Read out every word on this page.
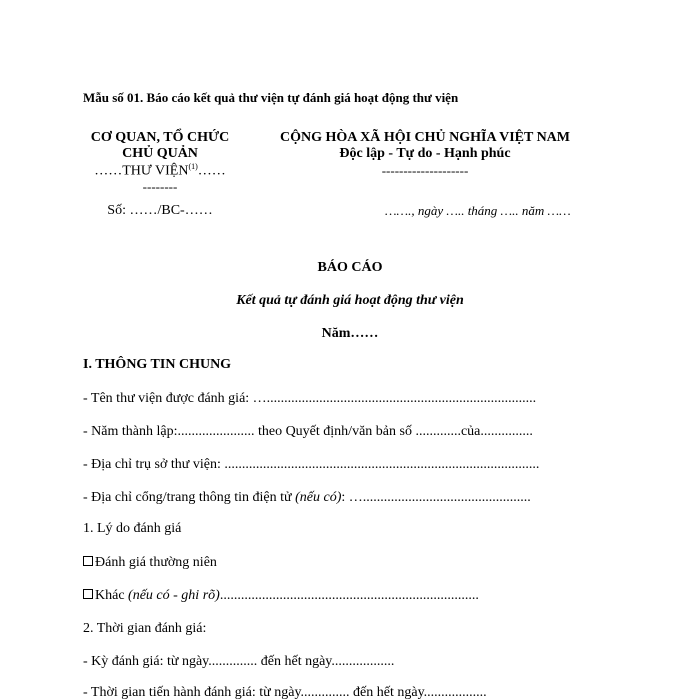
Mẫu số 01. Báo cáo kết quả thư viện tự đánh giá hoạt động thư viện
CƠ QUAN, TỔ CHỨC
CHỦ QUẢN
……THƯ VIỆN$^{(1)}$……
--------
Số: ……/BC-……
CỘNG HÒA XÃ HỘI CHỦ NGHĨA VIỆT NAM
Độc lập - Tự do - Hạnh phúc
--------------------
……., ngày ….. tháng ….. năm ……
BÁO CÁO
Kết quả tự đánh giá hoạt động thư viện
Năm……
I. THÔNG TIN CHUNG
- Tên thư viện được đánh giá: ….............................................................................
- Năm thành lập:...................... theo Quyết định/văn bản số .............của...............
- Địa chỉ trụ sở thư viện: ..........................................................................................
- Địa chỉ cổng/trang thông tin điện tử (nếu có): …................................................
1. Lý do đánh giá
Đánh giá thường niên
Khác (nếu có - ghi rõ)..........................................................................
2. Thời gian đánh giá:
- Kỳ đánh giá: từ ngày.............. đến hết ngày..................
- Thời gian tiến hành đánh giá: từ ngày.............. đến hết ngày..................
